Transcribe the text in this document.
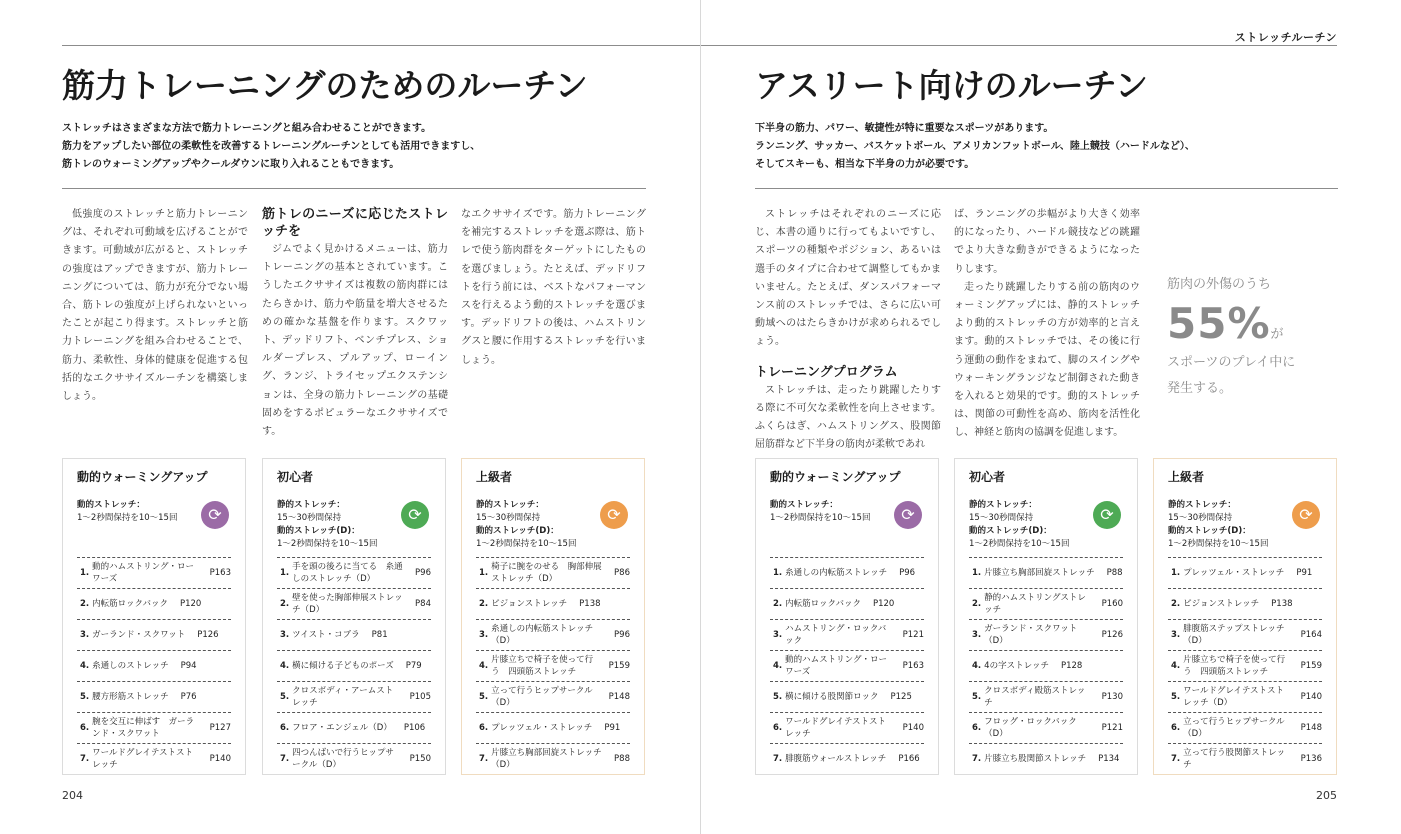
筋力トレーニングのためのルーチン
ストレッチはさまざまな方法で筋力トレーニングと組み合わせることができます。
筋力をアップしたい部位の柔軟性を改善するトレーニングルーチンとしても活用できますし、
筋トレのウォーミングアップやクールダウンに取り入れることもできます。

低強度のストレッチと筋力トレーニングは、それぞれ可動域を広げることができます。可動域が広がると、ストレッチの強度はアップできますが、筋力トレーニングについては、筋力が充分でない場合、筋トレの強度が上げられないといったことが起こり得ます。ストレッチと筋力トレーニングを組み合わせることで、筋力、柔軟性、身体的健康を促進する包括的なエクササイズルーチンを構築しましょう。

筋トレのニーズに応じたストレッチを

ジムでよく見かけるメニューは、筋力トレーニングの基本とされています。こうしたエクササイズは複数の筋肉群にはたらきかけ、筋力や筋量を増大させるための確かな基盤を作ります。スクワット、デッドリフト、ベンチプレス、ショルダープレス、プルアップ、ローイング、ランジ、トライセップエクステンションは、全身の筋力トレーニングの基礎固めをするポピュラーなエクササイズです。

なエクササイズです。筋力トレーニングを補完するストレッチを選ぶ際は、筋トレで使う筋肉群をターゲットにしたものを選びましょう。たとえば、デッドリフトを行う前には、ベストなパフォーマンスを行えるよう動的ストレッチを選びます。デッドリフトの後は、ハムストリングスと腰に作用するストレッチを行いましょう。

動的ウォーミングアップ
動的ストレッチ：
1～2秒間保持を10～15回	⟳
1.
動的ハムストリング・ローワーズ
P163
2. 内転筋ロックバック P120
3. ガーランド・スクワット P126
4. 糸通しのストレッチ P94
5. 腰方形筋ストレッチ P76
6.
腕を交互に伸ばす　ガーランド・スクワット
P127
7.
ワールドグレイテストストレッチ
P140
初心者
静的ストレッチ：
15～30秒間保持
動的ストレッチ(D)：
1～2秒間保持を10～15回
⟳
1.
手を頭の後ろに当てる　糸通しのストレッチ（D）
P96
2.
壁を使った胸部伸展ストレッチ（D）
P84
3. ツイスト・コブラ P81
4. 横に傾ける子どものポーズ P79
5.
クロスボディ・アームストレッチ
P105
6. フロア・エンジェル（D） P106
7.
四つんばいで行うヒップサークル（D）
P150
上級者
静的ストレッチ：
15～30秒間保持
動的ストレッチ(D)：
1～2秒間保持を10～15回
⟳
1.
椅子に腕をのせる　胸部伸展ストレッチ（D）
P86
2. ピジョンストレッチ P138
3.
糸通しの内転筋ストレッチ（D）
P96
4.
片膝立ちで椅子を使って行う　四頭筋ストレッチ
P159
5.
立って行うヒップサークル（D）
P148
6. プレッツェル・ストレッチ P91
7.
片膝立ち胸部回旋ストレッチ（D）
P88
204
ストレッチルーチン
アスリート向けのルーチン
下半身の筋力、パワー、敏捷性が特に重要なスポーツがあります。
ランニング、サッカー、バスケットボール、アメリカンフットボール、陸上競技（ハードルなど）、
そしてスキーも、相当な下半身の力が必要です。

ストレッチはそれぞれのニーズに応じ、本書の通りに行ってもよいですし、スポーツの種類やポジション、あるいは選手のタイプに合わせて調整してもかまいません。たとえば、ダンスパフォーマンス前のストレッチでは、さらに広い可動域へのはたらきかけが求められるでしょう。

トレーニングプログラム

ストレッチは、走ったり跳躍したりする際に不可欠な柔軟性を向上させます。ふくらはぎ、ハムストリングス、股関節屈筋群など下半身の筋肉が柔軟であれ

ば、ランニングの歩幅がより大きく効率的になったり、ハードル競技などの跳躍でより大きな動きができるようになったりします。

走ったり跳躍したりする前の筋肉のウォーミングアップには、静的ストレッチより動的ストレッチの方が効率的と言えます。動的ストレッチでは、その後に行う運動の動作をまねて、脚のスイングやウォーキングランジなど制御された動きを入れると効果的です。動的ストレッチは、関節の可動性を高め、筋肉を活性化し、神経と筋肉の協調を促進します。

筋肉の外傷のうち
55%が
スポーツのプレイ中に
発生する。
動的ウォーミングアップ
動的ストレッチ：
1～2秒間保持を10～15回	⟳
1. 糸通しの内転筋ストレッチ P96
2. 内転筋ロックバック P120
3.
ハムストリング・ロックバック
P121
4.
動的ハムストリング・ローワーズ
P163
5. 横に傾ける股関節ロック P125
6.
ワールドグレイテストストレッチ
P140
7. 腓腹筋ウォールストレッチ P166
初心者
静的ストレッチ：
15～30秒間保持
動的ストレッチ(D)：
1～2秒間保持を10～15回
⟳
1. 片膝立ち胸部回旋ストレッチ P88
2.
静的ハムストリングストレッチ
P160
3.
ガーランド・スクワット（D）
P126
4. 4の字ストレッチ P128
5.
クロスボディ殿筋ストレッチ
P130
6.
フロッグ・ロックバック（D）
P121
7. 片膝立ち股関節ストレッチ P134
上級者
静的ストレッチ：
15～30秒間保持
動的ストレッチ(D)：
1～2秒間保持を10～15回
⟳
1. プレッツェル・ストレッチ P91
2. ピジョンストレッチ P138
3.
腓腹筋ステップストレッチ（D）
P164
4.
片膝立ちで椅子を使って行う　四頭筋ストレッチ
P159
5.
ワールドグレイテストストレッチ（D）
P140
6.
立って行うヒップサークル（D）
P148
7.
立って行う股関節ストレッチ
P136
205
